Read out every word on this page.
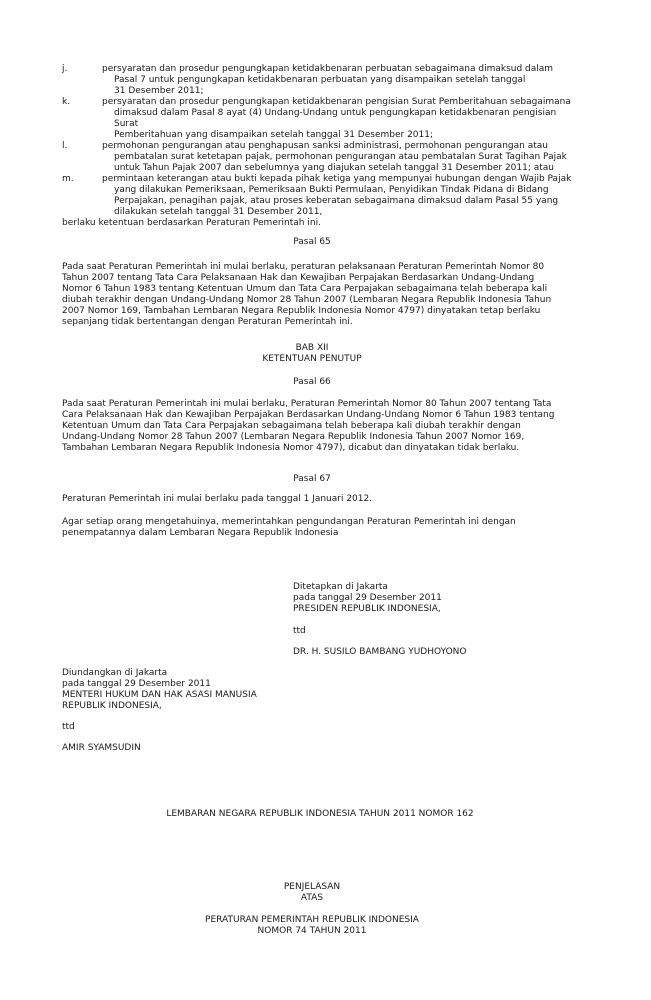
j.	persyaratan dan prosedur pengungkapan ketidakbenaran perbuatan sebagaimana dimaksud dalam
Pasal 7 untuk pengungkapan ketidakbenaran perbuatan yang disampaikan setelah tanggal
31 Desember 2011;
k.	persyaratan dan prosedur pengungkapan ketidakbenaran pengisian Surat Pemberitahuan sebagaimana
dimaksud dalam Pasal 8 ayat (4) Undang-Undang untuk pengungkapan ketidakbenaran pengisian Surat
Pemberitahuan yang disampaikan setelah tanggal 31 Desember 2011;
l.	permohonan pengurangan atau penghapusan sanksi administrasi, permohonan pengurangan atau
pembatalan surat ketetapan pajak, permohonan pengurangan atau pembatalan Surat Tagihan Pajak
untuk Tahun Pajak 2007 dan sebelumnya yang diajukan setelah tanggal 31 Desember 2011; atau
m.	permintaan keterangan atau bukti kepada pihak ketiga yang mempunyai hubungan dengan Wajib Pajak
yang dilakukan Pemeriksaan, Pemeriksaan Bukti Permulaan, Penyidikan Tindak Pidana di Bidang
Perpajakan, penagihan pajak, atau proses keberatan sebagaimana dimaksud dalam Pasal 55 yang
dilakukan setelah tanggal 31 Desember 2011,
berlaku ketentuan berdasarkan Peraturan Pemerintah ini.
Pasal 65
Pada saat Peraturan Pemerintah ini mulai berlaku, peraturan pelaksanaan Peraturan Pemerintah Nomor 80
Tahun 2007 tentang Tata Cara Pelaksanaan Hak dan Kewajiban Perpajakan Berdasarkan Undang-Undang
Nomor 6 Tahun 1983 tentang Ketentuan Umum dan Tata Cara Perpajakan sebagaimana telah beberapa kali
diubah terakhir dengan Undang-Undang Nomor 28 Tahun 2007 (Lembaran Negara Republik Indonesia Tahun
2007 Nomor 169, Tambahan Lembaran Negara Republik Indonesia Nomor 4797) dinyatakan tetap berlaku
sepanjang tidak bertentangan dengan Peraturan Pemerintah ini.
BAB XII
KETENTUAN PENUTUP
Pasal 66
Pada saat Peraturan Pemerintah ini mulai berlaku, Peraturan Pemerintah Nomor 80 Tahun 2007 tentang Tata
Cara Pelaksanaan Hak dan Kewajiban Perpajakan Berdasarkan Undang-Undang Nomor 6 Tahun 1983 tentang
Ketentuan Umum dan Tata Cara Perpajakan sebagaimana telah beberapa kali diubah terakhir dengan
Undang-Undang Nomor 28 Tahun 2007 (Lembaran Negara Republik Indonesia Tahun 2007 Nomor 169,
Tambahan Lembaran Negara Republik Indonesia Nomor 4797), dicabut dan dinyatakan tidak berlaku.
Pasal 67
Peraturan Pemerintah ini mulai berlaku pada tanggal 1 Januari 2012.
Agar setiap orang mengetahuinya, memerintahkan pengundangan Peraturan Pemerintah ini dengan
penempatannya dalam Lembaran Negara Republik Indonesia
Ditetapkan di Jakarta
pada tanggal 29 Desember 2011
PRESIDEN REPUBLIK INDONESIA,
ttd
DR. H. SUSILO BAMBANG YUDHOYONO
Diundangkan di Jakarta
pada tanggal 29 Desember 2011
MENTERI HUKUM DAN HAK ASASI MANUSIA
REPUBLIK INDONESIA,
ttd
AMIR SYAMSUDIN
LEMBARAN NEGARA REPUBLIK INDONESIA TAHUN 2011 NOMOR 162
PENJELASAN
ATAS
PERATURAN PEMERINTAH REPUBLIK INDONESIA
NOMOR 74 TAHUN 2011
